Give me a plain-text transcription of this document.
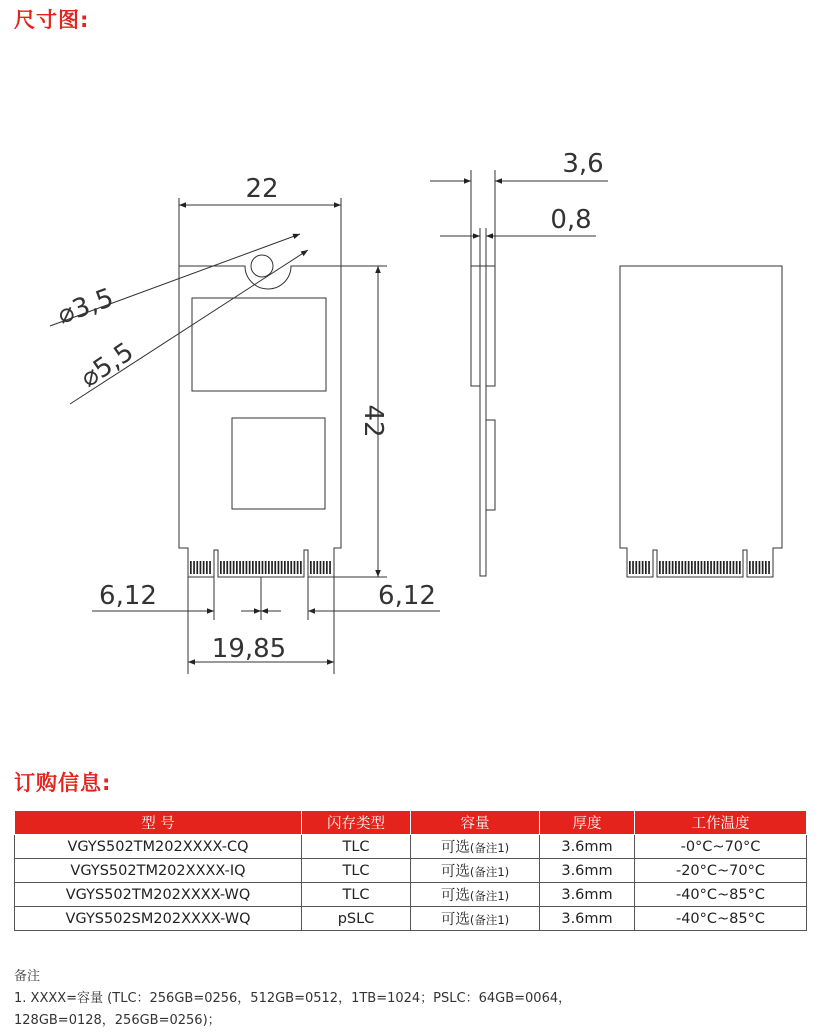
尺寸图:
22
3,6
0,8
42
6,12	6,12
19,85
⌀3,5
⌀5,5
订购信息:
型 号	闪存类型	容量	厚度	工作温度
VGYS502TM202XXXX-CQ	TLC	可选(备注1)	3.6mm	-0°C~70°C
VGYS502TM202XXXX-IQ	TLC	可选(备注1)	3.6mm	-20°C~70°C
VGYS502TM202XXXX-WQ	TLC	可选(备注1)	3.6mm	-40°C~85°C
VGYS502SM202XXXX-WQ	pSLC	可选(备注1)	3.6mm	-40°C~85°C

备注

1. XXXX=容量 (TLC：256GB=0256，512GB=0512，1TB=1024；PSLC：64GB=0064，

128GB=0128，256GB=0256)；
